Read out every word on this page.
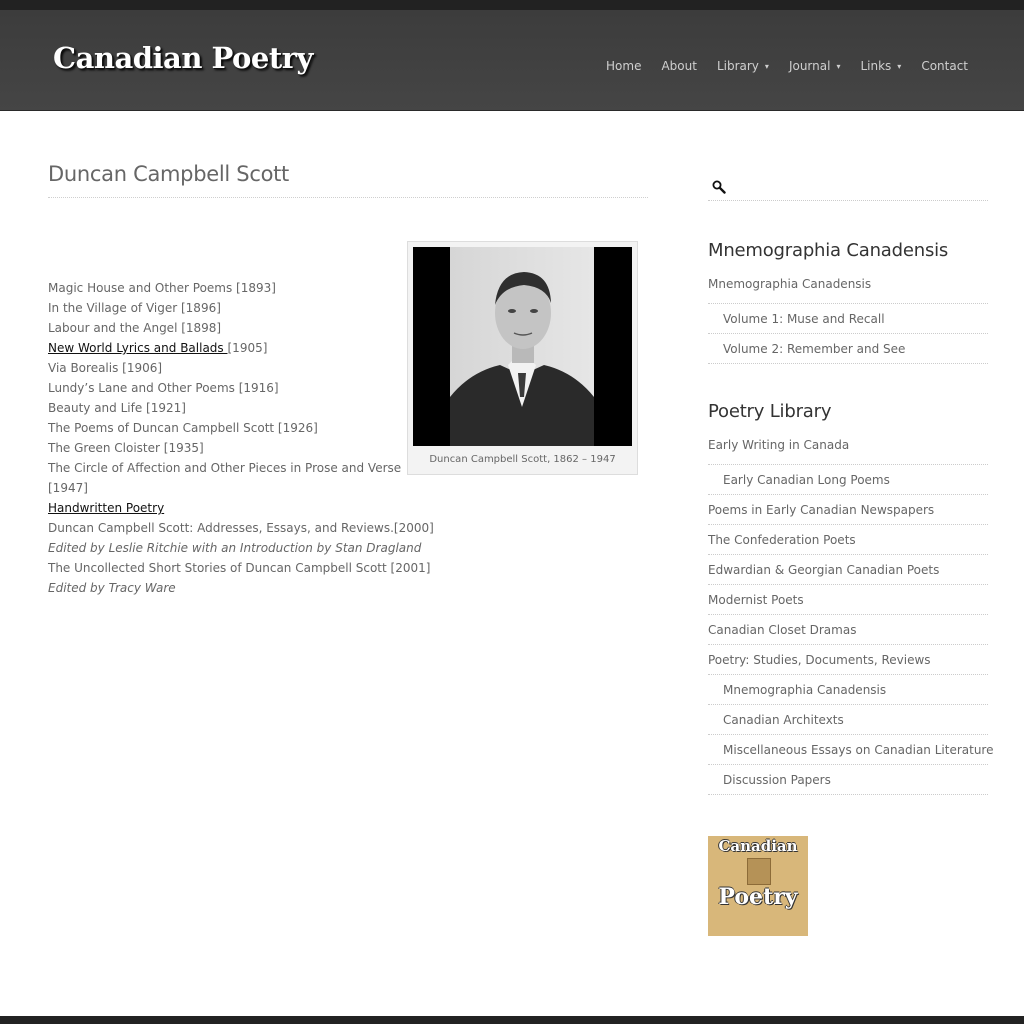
Canadian Poetry	Home About Library ▾ Journal ▾ Links ▾ Contact
Duncan Campbell Scott
Duncan Campbell Scott, 1862 – 1947
Magic House and Other Poems [1893]
In the Village of Viger [1896]
Labour and the Angel [1898]
New World Lyrics and Ballads [1905]
Via Borealis [1906]
Lundy’s Lane and Other Poems [1916]
Beauty and Life [1921]
The Poems of Duncan Campbell Scott [1926]
The Green Cloister [1935]
The Circle of Affection and Other Pieces in Prose and Verse [1947]
Handwritten Poetry
Duncan Campbell Scott: Addresses, Essays, and Reviews.[2000]
Edited by Leslie Ritchie with an Introduction by Stan Dragland
The Uncollected Short Stories of Duncan Campbell Scott [2001]
Edited by Tracy Ware
Mnemographia Canadensis
Mnemographia Canadensis
Volume 1: Muse and Recall
Volume 2: Remember and See
Poetry Library
Early Writing in Canada
Early Canadian Long Poems
Poems in Early Canadian Newspapers
The Confederation Poets
Edwardian & Georgian Canadian Poets
Modernist Poets
Canadian Closet Dramas
Poetry: Studies, Documents, Reviews
Mnemographia Canadensis
Canadian Architexts
Miscellaneous Essays on Canadian Literature
Discussion Papers
Canadian
Poetry
